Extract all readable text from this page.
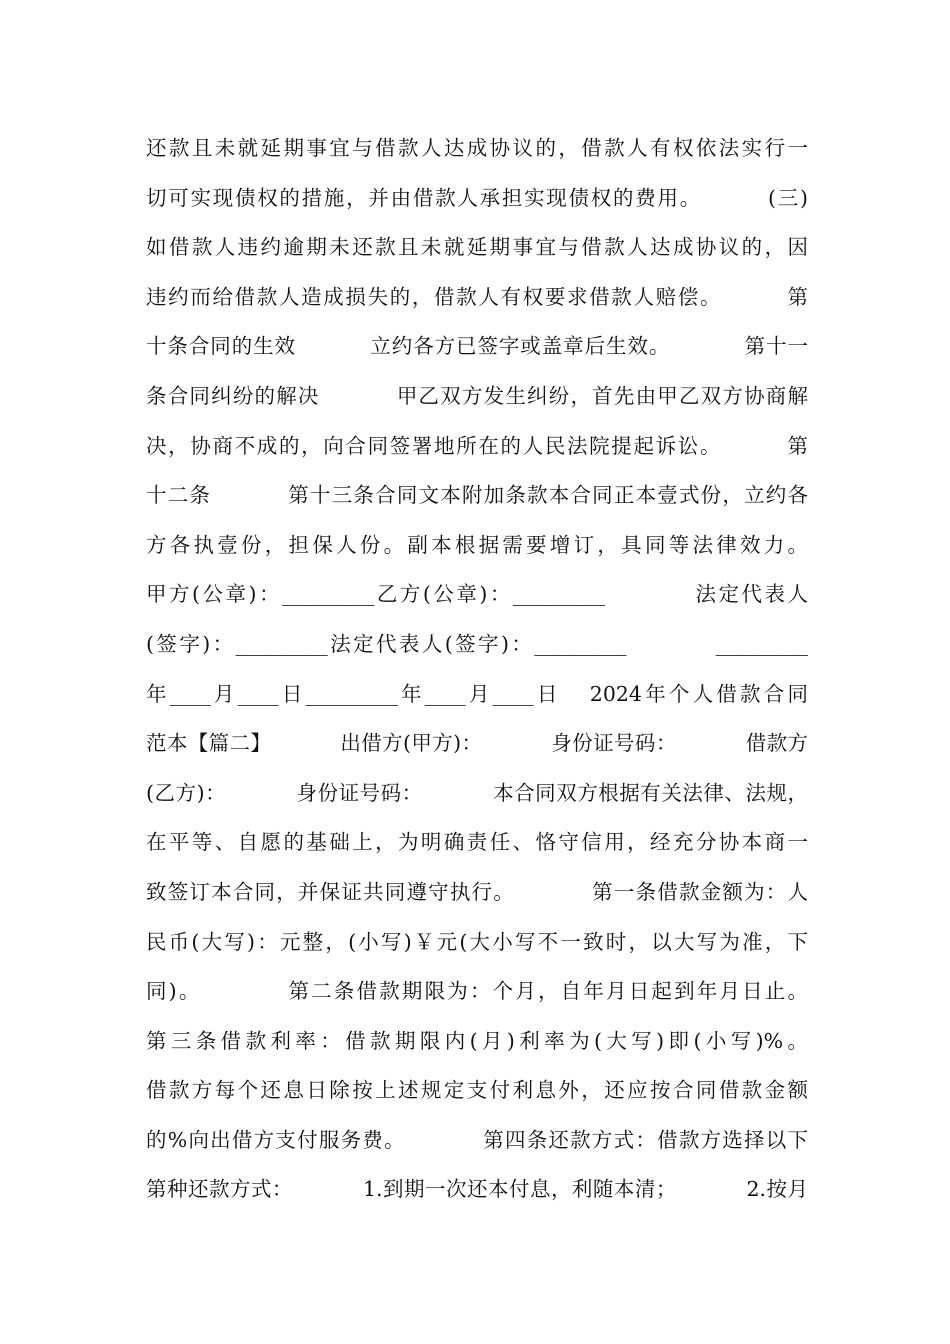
还款且未就延期事宜与借款人达成协议的，借款人有权依法实行一
切可实现债权的措施，并由借款人承担实现债权的费用。        (三)
如借款人违约逾期未还款且未就延期事宜与借款人达成协议的，因
违约而给借款人造成损失的，借款人有权要求借款人赔偿。        第
十条合同的生效          立约各方已签字或盖章后生效。          第十一
条合同纠纷的解决          甲乙双方发生纠纷，首先由甲乙双方协商解
决，协商不成的，向合同签署地所在的人民法院提起诉讼。        第
十二条          第十三条合同文本附加条款本合同正本壹式份，立约各
方各执壹份，担保人份。副本根据需要增订，具同等法律效力。
甲方(公章)：_________乙方(公章)：_________          法定代表人
(签字)：_________法定代表人(签字)：_________          _________
年____月____日_________年____月____日   2024年个人借款合同
范本【篇二】          出借方(甲方)：          身份证号码：          借款方
(乙方)：          身份证号码：          本合同双方根据有关法律、法规，
在平等、自愿的基础上，为明确责任、恪守信用，经充分协本商一
致签订本合同，并保证共同遵守执行。          第一条借款金额为：人
民币(大写)：元整，(小写)￥元(大小写不一致时，以大写为准，下
同)。          第二条借款期限为：个月，自年月日起到年月日止。
第三条借款利率：借款期限内(月)利率为(大写)即(小写)%。
借款方每个还息日除按上述规定支付利息外，还应按合同借款金额
的%向出借方支付服务费。          第四条还款方式：借款方选择以下
第种还款方式：          1.到期一次还本付息，利随本清；          2.按月
